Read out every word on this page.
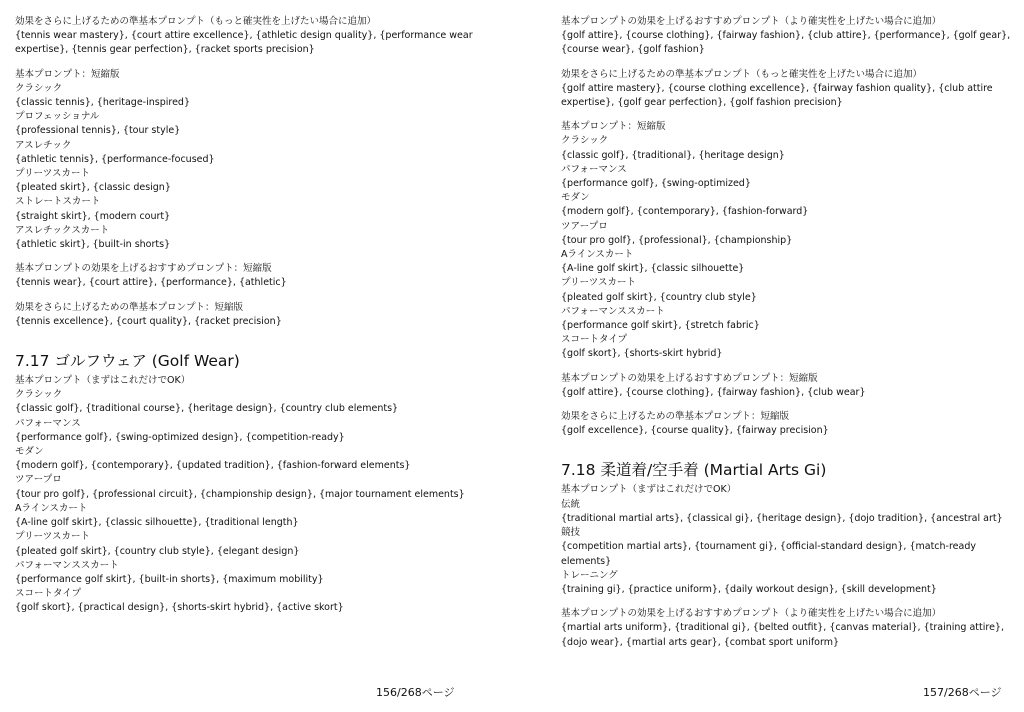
効果をさらに上げるための準基本プロンプト（もっと確実性を上げたい場合に追加）
{tennis wear mastery}, {court attire excellence}, {athletic design quality}, {performance wear expertise}, {tennis gear perfection}, {racket sports precision}
基本プロンプト：短縮版
クラシック
{classic tennis}, {heritage-inspired}
プロフェッショナル
{professional tennis}, {tour style}
アスレチック
{athletic tennis}, {performance-focused}
プリーツスカート
{pleated skirt}, {classic design}
ストレートスカート
{straight skirt}, {modern court}
アスレチックスカート
{athletic skirt}, {built-in shorts}
基本プロンプトの効果を上げるおすすめプロンプト：短縮版
{tennis wear}, {court attire}, {performance}, {athletic}
効果をさらに上げるための準基本プロンプト：短縮版
{tennis excellence}, {court quality}, {racket precision}
7.17 ゴルフウェア (Golf Wear)
基本プロンプト（まずはこれだけでOK）
クラシック
{classic golf}, {traditional course}, {heritage design}, {country club elements}
パフォーマンス
{performance golf}, {swing-optimized design}, {competition-ready}
モダン
{modern golf}, {contemporary}, {updated tradition}, {fashion-forward elements}
ツアープロ
{tour pro golf}, {professional circuit}, {championship design}, {major tournament elements}
Aラインスカート
{A-line golf skirt}, {classic silhouette}, {traditional length}
プリーツスカート
{pleated golf skirt}, {country club style}, {elegant design}
パフォーマンススカート
{performance golf skirt}, {built-in shorts}, {maximum mobility}
スコートタイプ
{golf skort}, {practical design}, {shorts-skirt hybrid}, {active skort}
156/268ページ
基本プロンプトの効果を上げるおすすめプロンプト（より確実性を上げたい場合に追加）
{golf attire}, {course clothing}, {fairway fashion}, {club attire}, {performance}, {golf gear}, {course wear}, {golf fashion}
効果をさらに上げるための準基本プロンプト（もっと確実性を上げたい場合に追加）
{golf attire mastery}, {course clothing excellence}, {fairway fashion quality}, {club attire expertise}, {golf gear perfection}, {golf fashion precision}
基本プロンプト：短縮版
クラシック
{classic golf}, {traditional}, {heritage design}
パフォーマンス
{performance golf}, {swing-optimized}
モダン
{modern golf}, {contemporary}, {fashion-forward}
ツアープロ
{tour pro golf}, {professional}, {championship}
Aラインスカート
{A-line golf skirt}, {classic silhouette}
プリーツスカート
{pleated golf skirt}, {country club style}
パフォーマンススカート
{performance golf skirt}, {stretch fabric}
スコートタイプ
{golf skort}, {shorts-skirt hybrid}
基本プロンプトの効果を上げるおすすめプロンプト：短縮版
{golf attire}, {course clothing}, {fairway fashion}, {club wear}
効果をさらに上げるための準基本プロンプト：短縮版
{golf excellence}, {course quality}, {fairway precision}
7.18 柔道着/空手着 (Martial Arts Gi)
基本プロンプト（まずはこれだけでOK）
伝統
{traditional martial arts}, {classical gi}, {heritage design}, {dojo tradition}, {ancestral art}
競技
{competition martial arts}, {tournament gi}, {official-standard design}, {match-ready elements}
トレーニング
{training gi}, {practice uniform}, {daily workout design}, {skill development}
基本プロンプトの効果を上げるおすすめプロンプト（より確実性を上げたい場合に追加）
{martial arts uniform}, {traditional gi}, {belted outfit}, {canvas material}, {training attire}, {dojo wear}, {martial arts gear}, {combat sport uniform}
157/268ページ
